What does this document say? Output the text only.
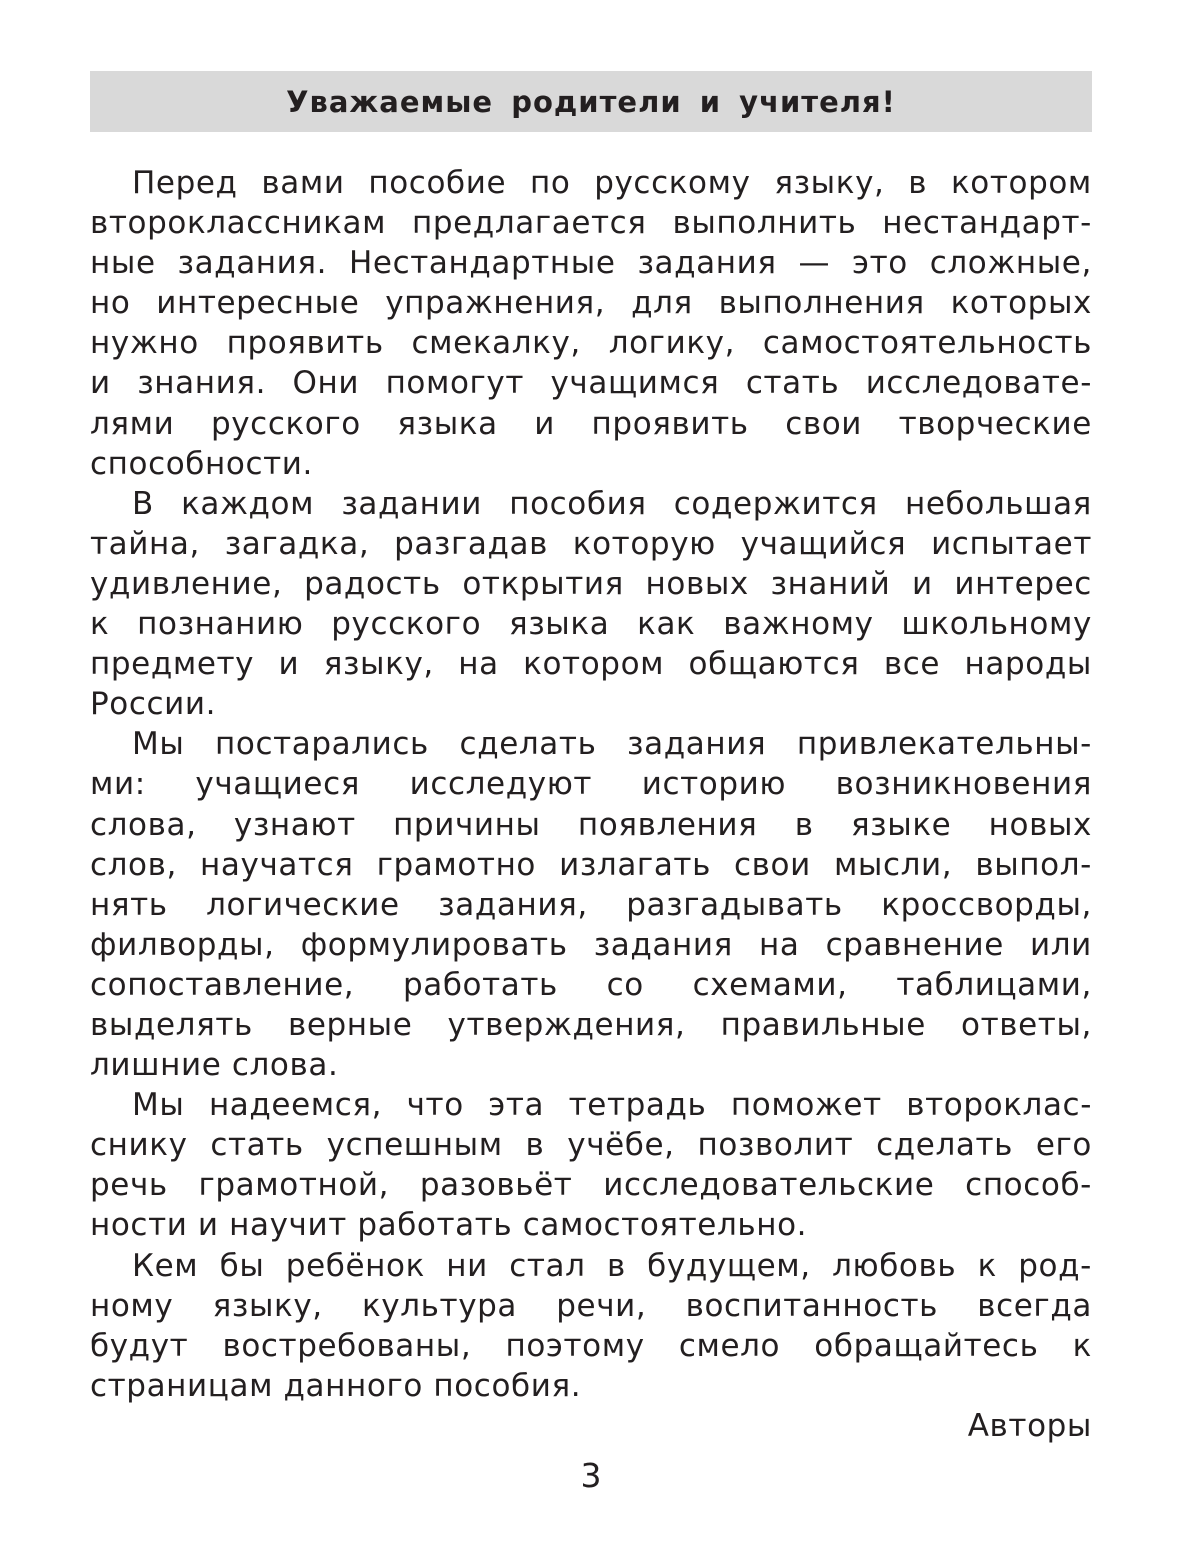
Уважаемые родители и учителя!
Перед вами пособие по русскому языку, в котором
второклассникам предлагается выполнить нестандарт-
ные задания. Нестандартные задания — это сложные,
но интересные упражнения, для выполнения которых
нужно проявить смекалку, логику, самостоятельность
и знания. Они помогут учащимся стать исследовате-
лями русского языка и проявить свои творческие
способности.
В каждом задании пособия содержится небольшая
тайна, загадка, разгадав которую учащийся испытает
удивление, радость открытия новых знаний и интерес
к познанию русского языка как важному школьному
предмету и языку, на котором общаются все народы
России.
Мы постарались сделать задания привлекательны-
ми: учащиеся исследуют историю возникновения
слова, узнают причины появления в языке новых
слов, научатся грамотно излагать свои мысли, выпол-
нять логические задания, разгадывать кроссворды,
филворды, формулировать задания на сравнение или
сопоставление, работать со схемами, таблицами,
выделять верные утверждения, правильные ответы,
лишние слова.
Мы надеемся, что эта тетрадь поможет второклас-
снику стать успешным в учёбе, позволит сделать его
речь грамотной, разовьёт исследовательские способ-
ности и научит работать самостоятельно.
Кем бы ребёнок ни стал в будущем, любовь к род-
ному языку, культура речи, воспитанность всегда
будут востребованы, поэтому смело обращайтесь к
страницам данного пособия.
Авторы
3
